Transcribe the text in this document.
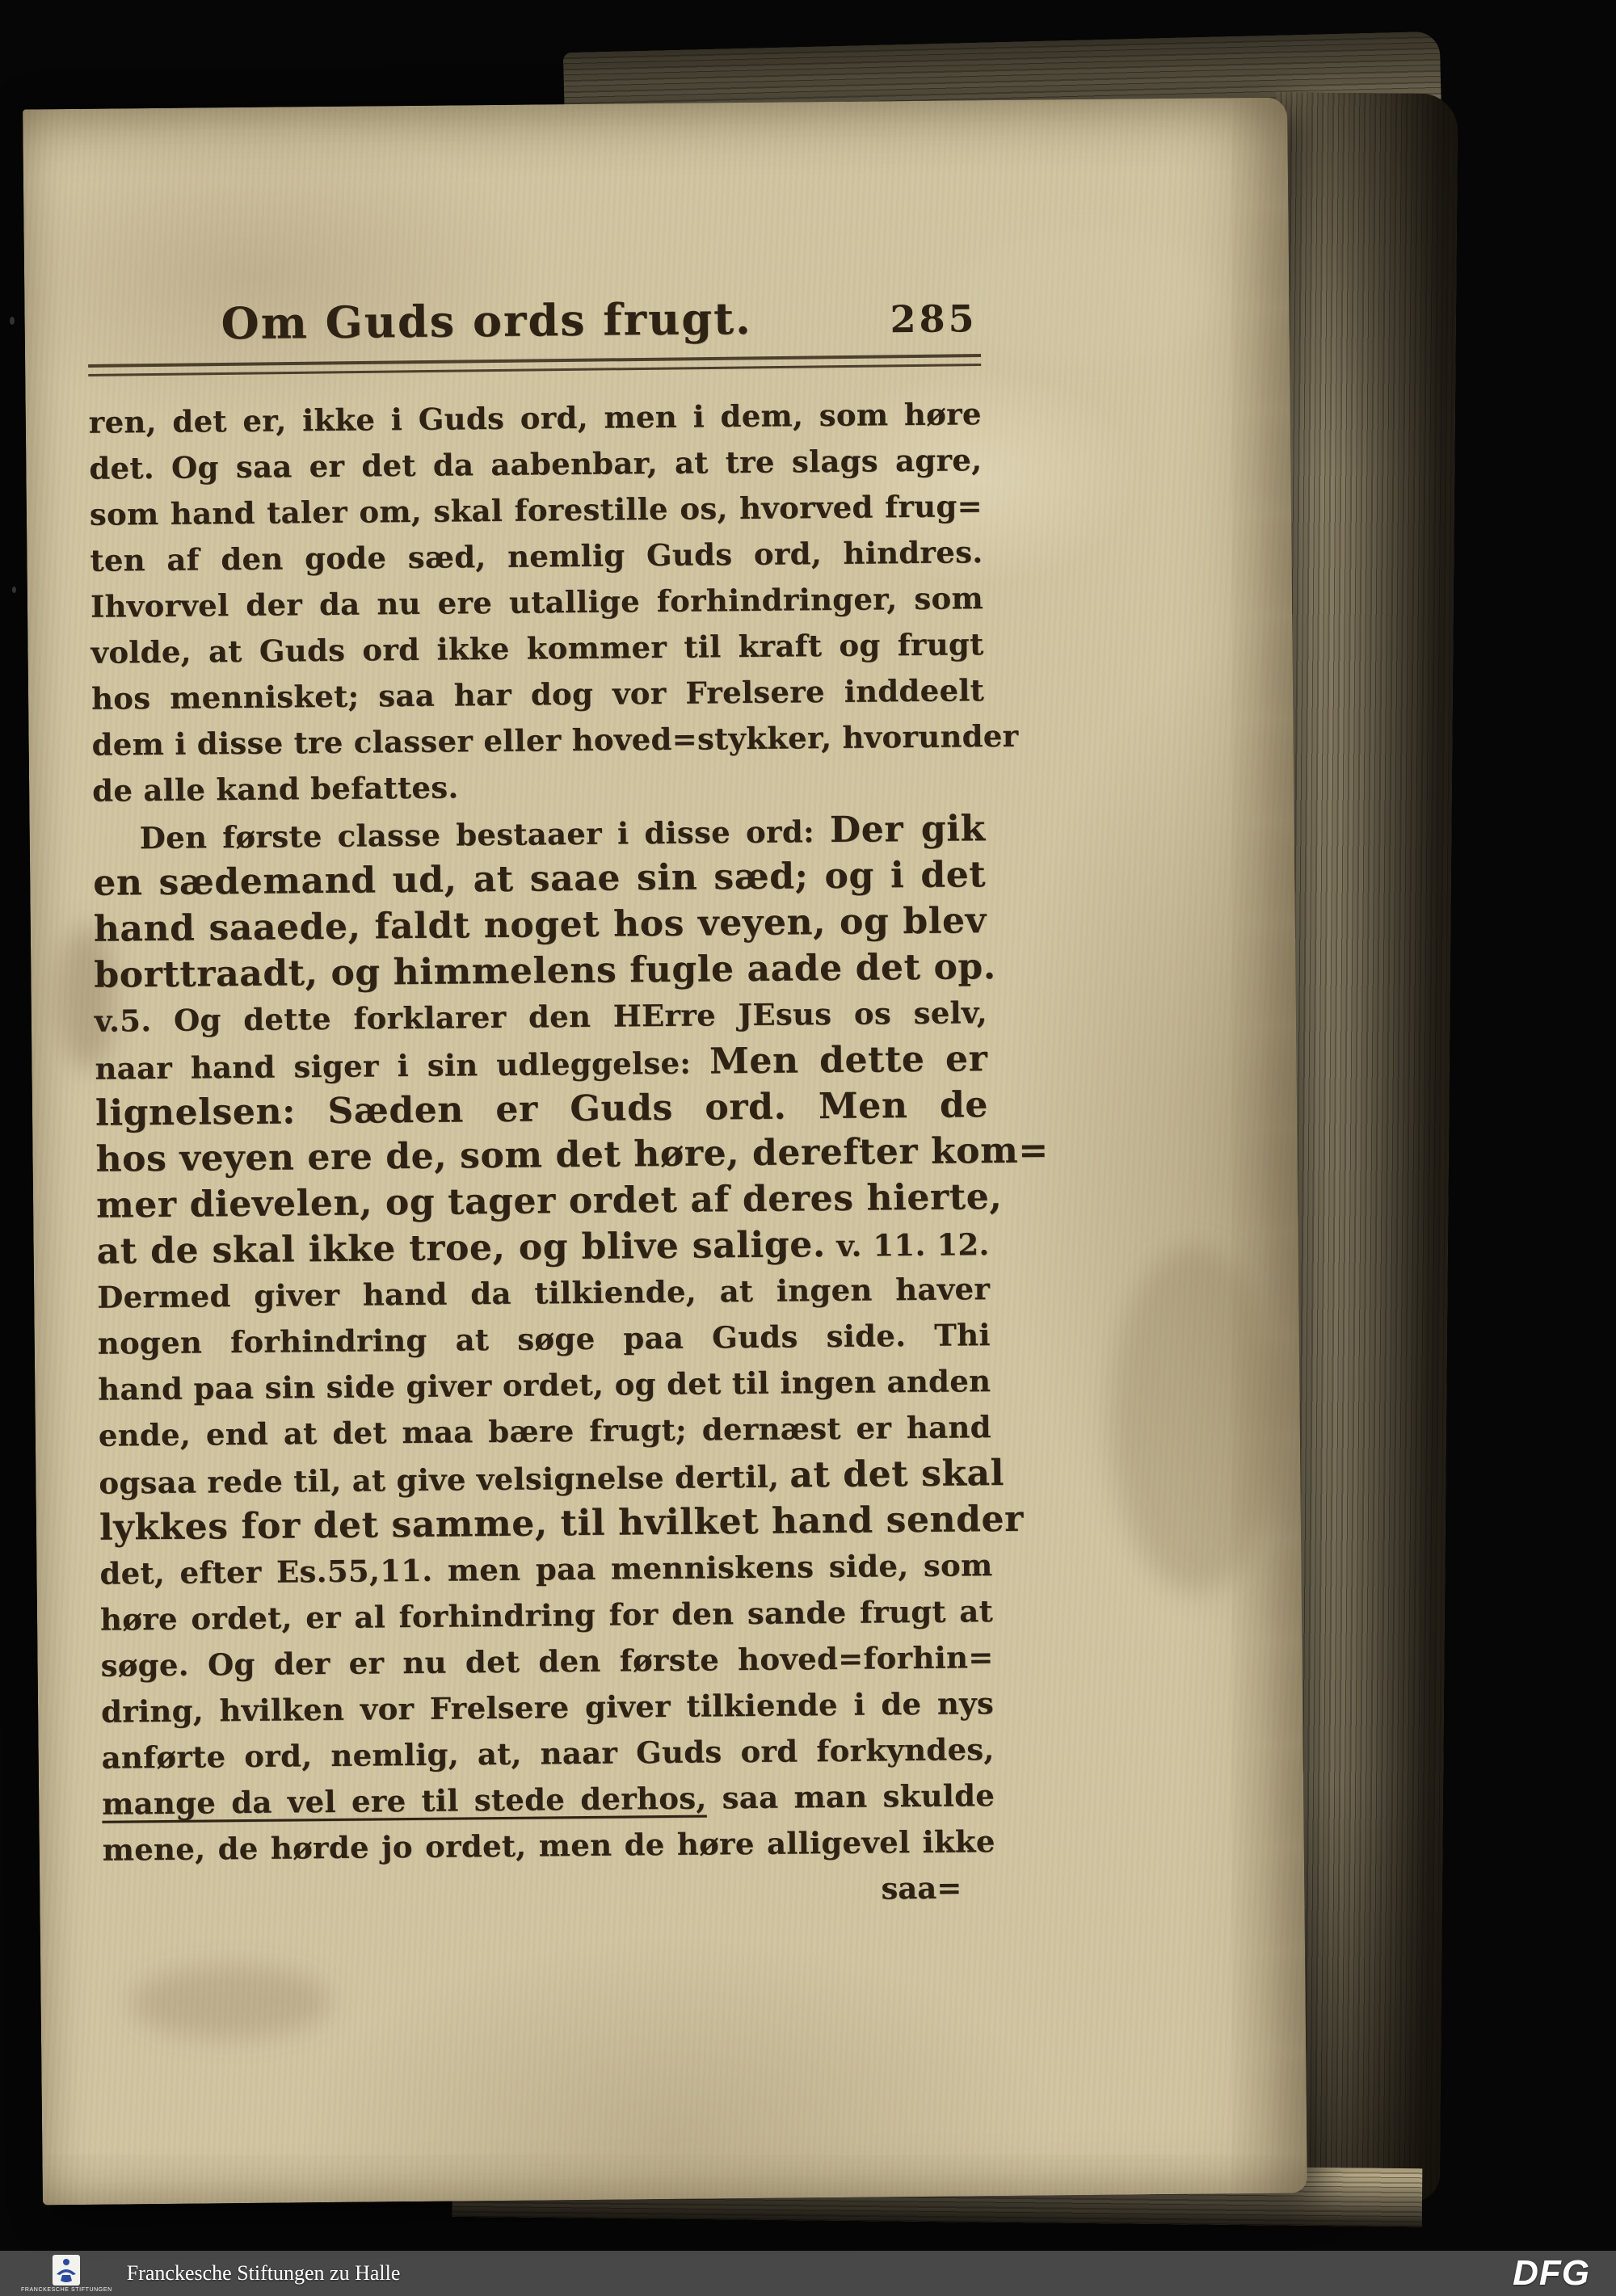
Om Guds ords frugt.	285
ren, det er, ikke i Guds ord, men i dem, som høre
det. Og saa er det da aabenbar, at tre slags agre,
som hand taler om, skal forestille os, hvorved frug=
ten af den gode sæd, nemlig Guds ord, hindres.
Ihvorvel der da nu ere utallige forhindringer, som
volde, at Guds ord ikke kommer til kraft og frugt
hos mennisket; saa har dog vor Frelsere inddeelt
dem i disse tre classer eller hoved=stykker, hvorunder
de alle kand befattes.
Den første classe bestaaer i disse ord: Der gik
en sædemand ud, at saae sin sæd; og i det
hand saaede, faldt noget hos veyen, og blev
borttraadt, og himmelens fugle aade det op.
v.5. Og dette forklarer den HErre JEsus os selv,
naar hand siger i sin udleggelse: Men dette er
lignelsen: Sæden er Guds ord. Men de
hos veyen ere de, som det høre, derefter kom=
mer dievelen, og tager ordet af deres hierte,
at de skal ikke troe, og blive salige. v. 11. 12.
Dermed giver hand da tilkiende, at ingen haver
nogen forhindring at søge paa Guds side. Thi
hand paa sin side giver ordet, og det til ingen anden
ende, end at det maa bære frugt; dernæst er hand
ogsaa rede til, at give velsignelse dertil, at det skal
lykkes for det samme, til hvilket hand sender
det, efter Es.55,11. men paa menniskens side, som
høre ordet, er al forhindring for den sande frugt at
søge. Og der er nu det den første hoved=forhin=
dring, hvilken vor Frelsere giver tilkiende i de nys
anførte ord, nemlig, at, naar Guds ord forkyndes,
mange da vel ere til stede derhos, saa man skulde
mene, de hørde jo ordet, men de høre alligevel ikke
saa=
FRANCKESCHE STIFTUNGEN
Franckesche Stiftungen zu Halle	DFG
